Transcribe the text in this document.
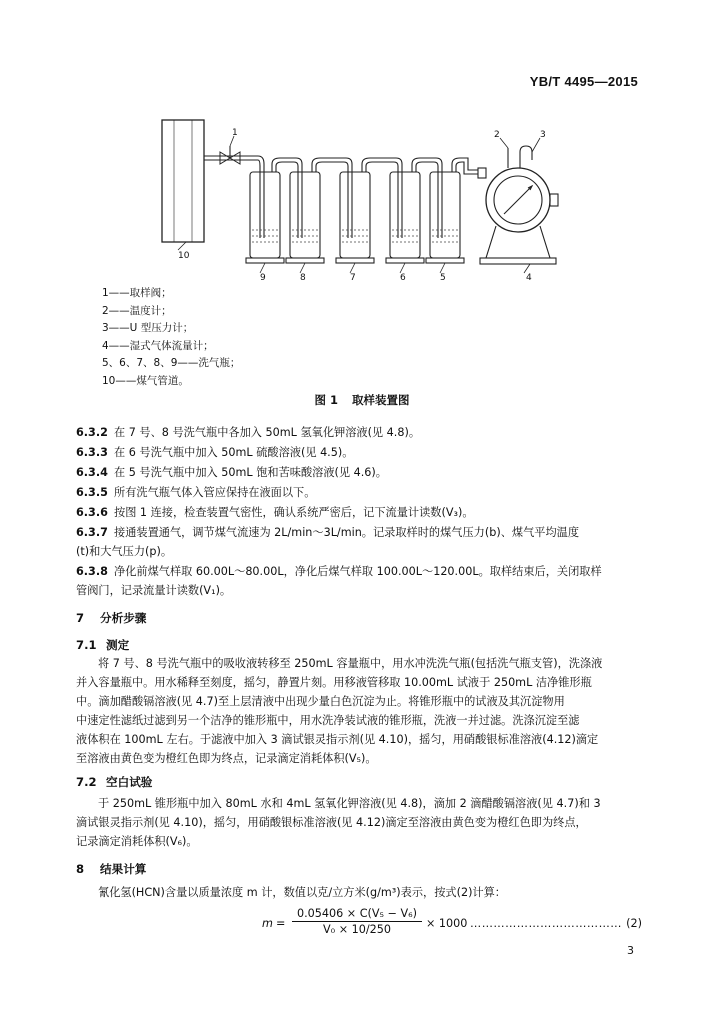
YB/T 4495—2015
1	2	3
10
9	8	7	6	5	4
1——取样阀；
2——温度计；
3——U 型压力计；
4——湿式气体流量计；
5、6、7、8、9——洗气瓶；
10——煤气管道。
图 1 取样装置图
6.3.2 在 7 号、8 号洗气瓶中各加入 50mL 氢氧化钾溶液(见 4.8)。
6.3.3 在 6 号洗气瓶中加入 50mL 硫酸溶液(见 4.5)。
6.3.4 在 5 号洗气瓶中加入 50mL 饱和苦味酸溶液(见 4.6)。
6.3.5 所有洗气瓶气体入管应保持在液面以下。
6.3.6 按图 1 连接，检查装置气密性，确认系统严密后，记下流量计读数(V₃)。
6.3.7 接通装置通气，调节煤气流速为 2L/min～3L/min。记录取样时的煤气压力(b)、煤气平均温度
(t)和大气压力(p)。
6.3.8 净化前煤气样取 60.00L～80.00L，净化后煤气样取 100.00L～120.00L。取样结束后，关闭取样
管阀门，记录流量计读数(V₁)。
7 分析步骤
7.1 测定
将 7 号、8 号洗气瓶中的吸收液转移至 250mL 容量瓶中，用水冲洗洗气瓶(包括洗气瓶支管)，洗涤液
并入容量瓶中。用水稀释至刻度，摇匀，静置片刻。用移液管移取 10.00mL 试液于 250mL 洁净锥形瓶
中。滴加醋酸镉溶液(见 4.7)至上层清液中出现少量白色沉淀为止。将锥形瓶中的试液及其沉淀物用
中速定性滤纸过滤到另一个洁净的锥形瓶中，用水洗净装试液的锥形瓶，洗液一并过滤。洗涤沉淀至滤
液体积在 100mL 左右。于滤液中加入 3 滴试银灵指示剂(见 4.10)，摇匀，用硝酸银标准溶液(4.12)滴定
至溶液由黄色变为橙红色即为终点，记录滴定消耗体积(V₅)。
7.2 空白试验
于 250mL 锥形瓶中加入 80mL 水和 4mL 氢氧化钾溶液(见 4.8)，滴加 2 滴醋酸镉溶液(见 4.7)和 3
滴试银灵指示剂(见 4.10)，摇匀，用硝酸银标准溶液(见 4.12)滴定至溶液由黄色变为橙红色即为终点，
记录滴定消耗体积(V₆)。
8 结果计算
氰化氢(HCN)含量以质量浓度 m 计，数值以克/立方米(g/m³)表示，按式(2)计算：
$m = \frac{\text{0.05406 × C(V₅ − V₆)}}{\text{V₀ × 10/250}} \times 1000$ ………………………………… (2)
3
